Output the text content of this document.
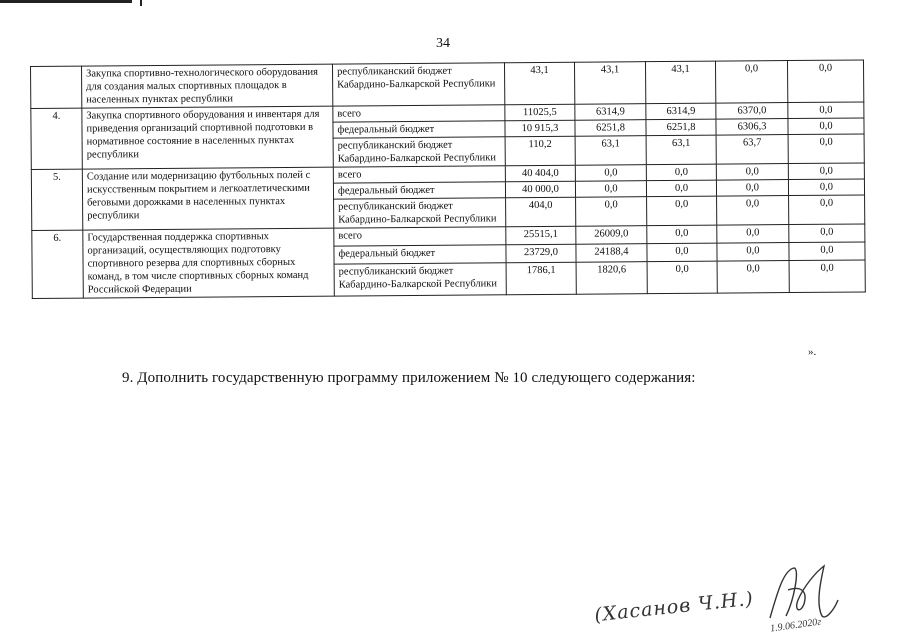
34
	Закупка спортивно-технологического оборудования для создания малых спортивных площадок в населенных пунктах республики	республиканский бюджет Кабардино-Балкарской Республики	43,1	43,1	43,1	0,0	0,0
4.	Закупка спортивного оборудования и инвентаря для приведения организаций спортивной подготовки в нормативное состояние в населенных пунктах республики	всего	11025,5	6314,9	6314,9	6370,0	0,0
		федеральный бюджет	10 915,3	6251,8	6251,8	6306,3	0,0
		республиканский бюджет Кабардино-Балкарской Республики	110,2	63,1	63,1	63,7	0,0
5.	Создание или модернизацию футбольных полей с искусственным покрытием и легкоатлетическими беговыми дорожками в населенных пунктах республики	всего	40 404,0	0,0	0,0	0,0	0,0
		федеральный бюджет	40 000,0	0,0	0,0	0,0	0,0
		республиканский бюджет Кабардино-Балкарской Республики	404,0	0,0	0,0	0,0	0,0
6.	Государственная поддержка спортивных организаций, осуществляющих подготовку спортивного резерва для спортивных сборных команд, в том числе спортивных сборных команд Российской Федерации	всего	25515,1	26009,0	0,0	0,0	0,0
		федеральный бюджет	23729,0	24188,4	0,0	0,0	0,0
		республиканский бюджет Кабардино-Балкарской Республики	1786,1	1820,6	0,0	0,0	0,0
».
9. Дополнить государственную программу приложением № 10 следующего содержания:
(Хасанов Ч.Н.) 1.9.06.2020г
